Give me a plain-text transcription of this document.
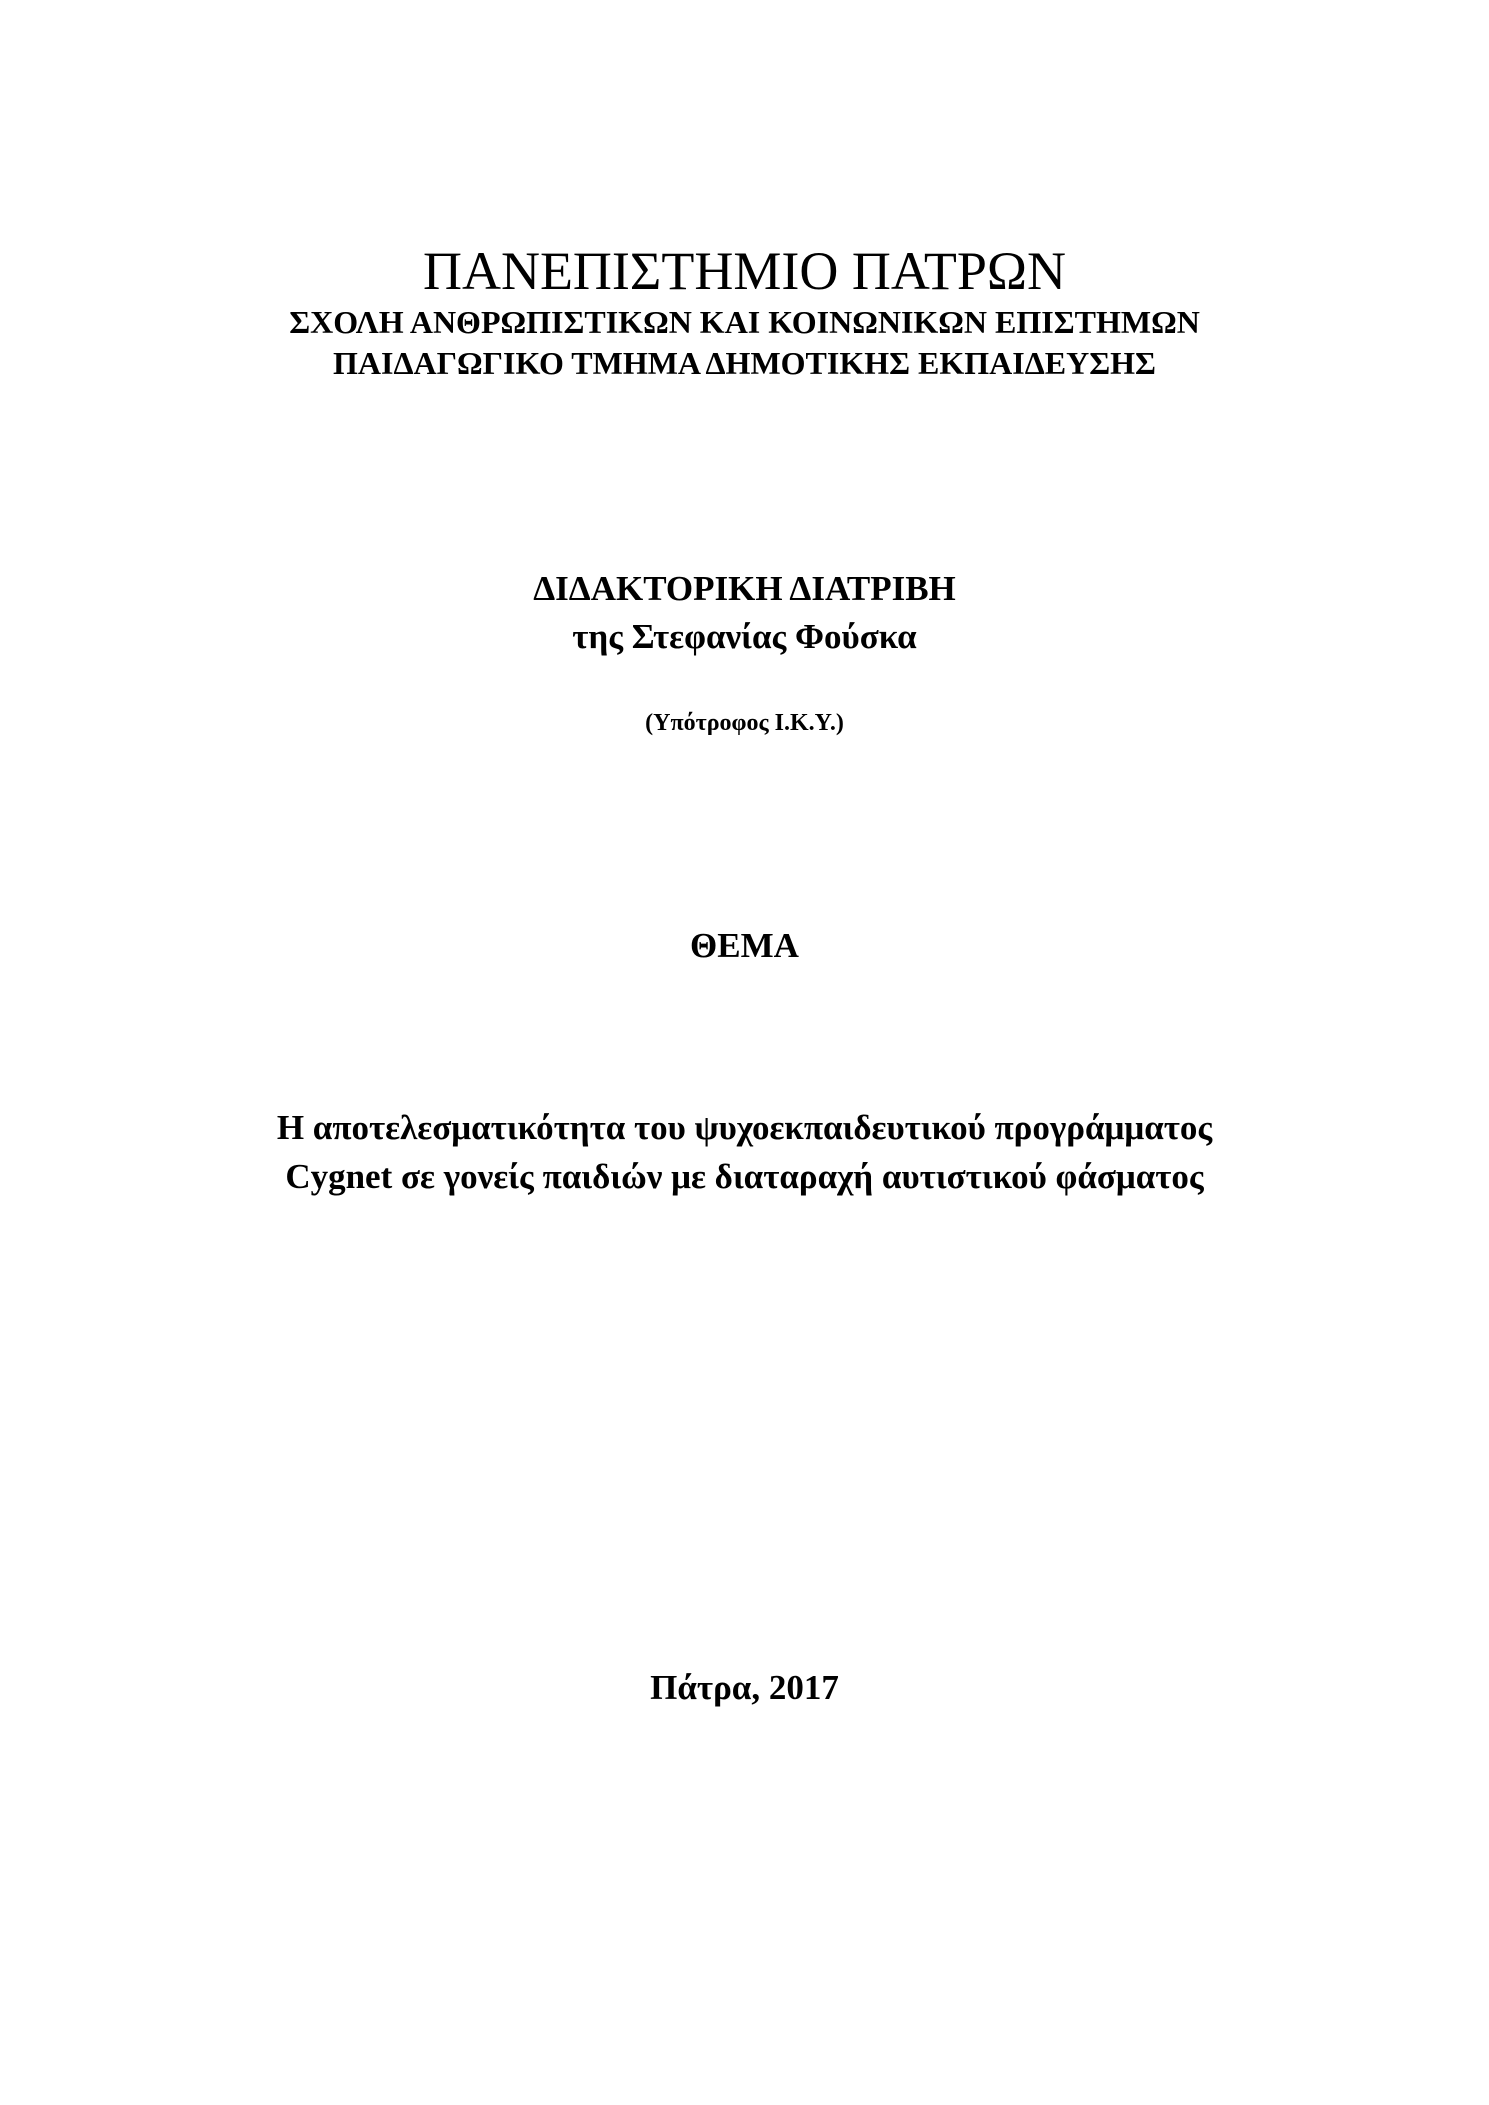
ΠΑΝΕΠΙΣΤΗΜΙΟ ΠΑΤΡΩΝ
ΣΧΟΛΗ ΑΝΘΡΩΠΙΣΤΙΚΩΝ ΚΑΙ ΚΟΙΝΩΝΙΚΩΝ ΕΠΙΣΤΗΜΩΝ
ΠΑΙΔΑΓΩΓΙΚΟ ΤΜΗΜΑ ΔΗΜΟΤΙΚΗΣ ΕΚΠΑΙΔΕΥΣΗΣ
ΔΙΔΑΚΤΟΡΙΚΗ ΔΙΑΤΡΙΒΗ
της Στεφανίας Φούσκα
(Υπότροφος Ι.Κ.Υ.)
ΘΕΜΑ
Η αποτελεσματικότητα του ψυχοεκπαιδευτικού προγράμματος
Cygnet σε γονείς παιδιών με διαταραχή αυτιστικού φάσματος
Πάτρα, 2017
